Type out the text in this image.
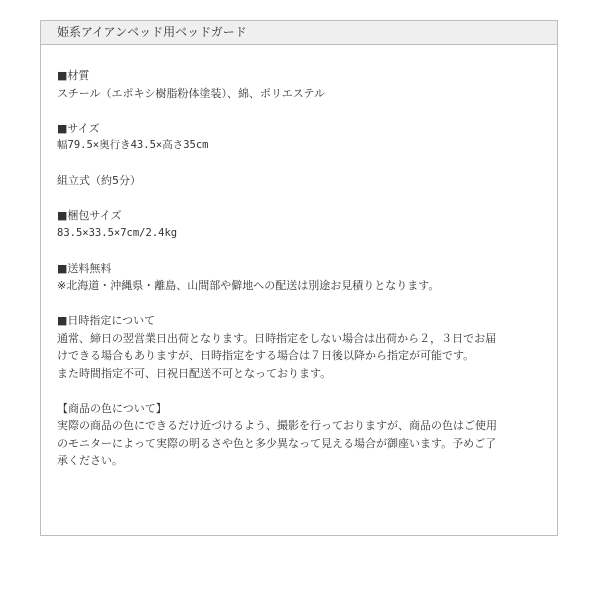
姫系アイアンベッド用ベッドガード
■材質
スチール（エポキシ樹脂粉体塗装）、綿、ポリエステル
■サイズ
幅79.5×奥行き43.5×高さ35cm
組立式（約5分）
■梱包サイズ
83.5×33.5×7cm/2.4kg
■送料無料
※北海道・沖縄県・離島、山間部や僻地への配送は別途お見積りとなります。
■日時指定について
通常、締日の翌営業日出荷となります。日時指定をしない場合は出荷から２，３日でお届
けできる場合もありますが、日時指定をする場合は７日後以降から指定が可能です。
また時間指定不可、日祝日配送不可となっております。
【商品の色について】
実際の商品の色にできるだけ近づけるよう、撮影を行っておりますが、商品の色はご使用
のモニターによって実際の明るさや色と多少異なって見える場合が御座います。予めご了
承ください。
